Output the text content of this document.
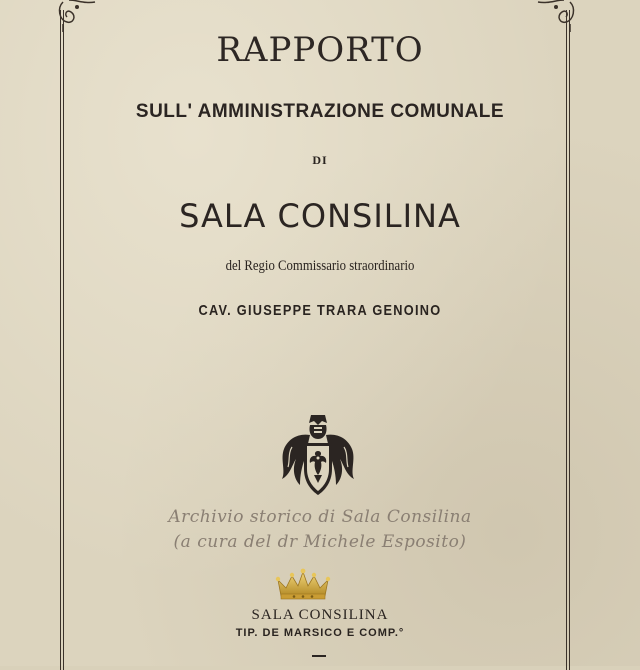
RAPPORTO
SULL' AMMINISTRAZIONE COMUNALE
DI
SALA CONSILINA
del Regio Commissario straordinario
CAV. GIUSEPPE TRARA GENOINO
Archivio storico di Sala Consilina
(a cura del dr Michele Esposito)
SALA CONSILINA
TIP. DE MARSICO E COMP.°
